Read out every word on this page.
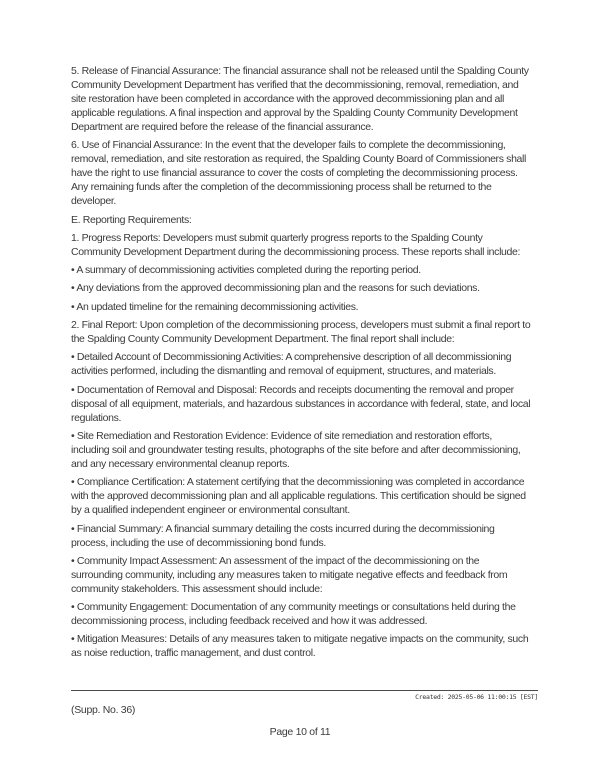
5. Release of Financial Assurance: The financial assurance shall not be released until the Spalding County Community Development Department has verified that the decommissioning, removal, remediation, and site restoration have been completed in accordance with the approved decommissioning plan and all applicable regulations. A final inspection and approval by the Spalding County Community Development Department are required before the release of the financial assurance.

6. Use of Financial Assurance: In the event that the developer fails to complete the decommissioning, removal, remediation, and site restoration as required, the Spalding County Board of Commissioners shall have the right to use financial assurance to cover the costs of completing the decommissioning process. Any remaining funds after the completion of the decommissioning process shall be returned to the developer.

E. Reporting Requirements:

1. Progress Reports: Developers must submit quarterly progress reports to the Spalding County Community Development Department during the decommissioning process. These reports shall include:

• A summary of decommissioning activities completed during the reporting period.

• Any deviations from the approved decommissioning plan and the reasons for such deviations.

• An updated timeline for the remaining decommissioning activities.

2. Final Report: Upon completion of the decommissioning process, developers must submit a final report to the Spalding County Community Development Department. The final report shall include:

• Detailed Account of Decommissioning Activities: A comprehensive description of all decommissioning activities performed, including the dismantling and removal of equipment, structures, and materials.

• Documentation of Removal and Disposal: Records and receipts documenting the removal and proper disposal of all equipment, materials, and hazardous substances in accordance with federal, state, and local regulations.

• Site Remediation and Restoration Evidence: Evidence of site remediation and restoration efforts, including soil and groundwater testing results, photographs of the site before and after decommissioning, and any necessary environmental cleanup reports.

• Compliance Certification: A statement certifying that the decommissioning was completed in accordance with the approved decommissioning plan and all applicable regulations. This certification should be signed by a qualified independent engineer or environmental consultant.

• Financial Summary: A financial summary detailing the costs incurred during the decommissioning process, including the use of decommissioning bond funds.

• Community Impact Assessment: An assessment of the impact of the decommissioning on the surrounding community, including any measures taken to mitigate negative effects and feedback from community stakeholders. This assessment should include:

• Community Engagement: Documentation of any community meetings or consultations held during the decommissioning process, including feedback received and how it was addressed.

• Mitigation Measures: Details of any measures taken to mitigate negative impacts on the community, such as noise reduction, traffic management, and dust control.

Created: 2025-05-06 11:00:15 [EST]
(Supp. No. 36)
Page 10 of 11
